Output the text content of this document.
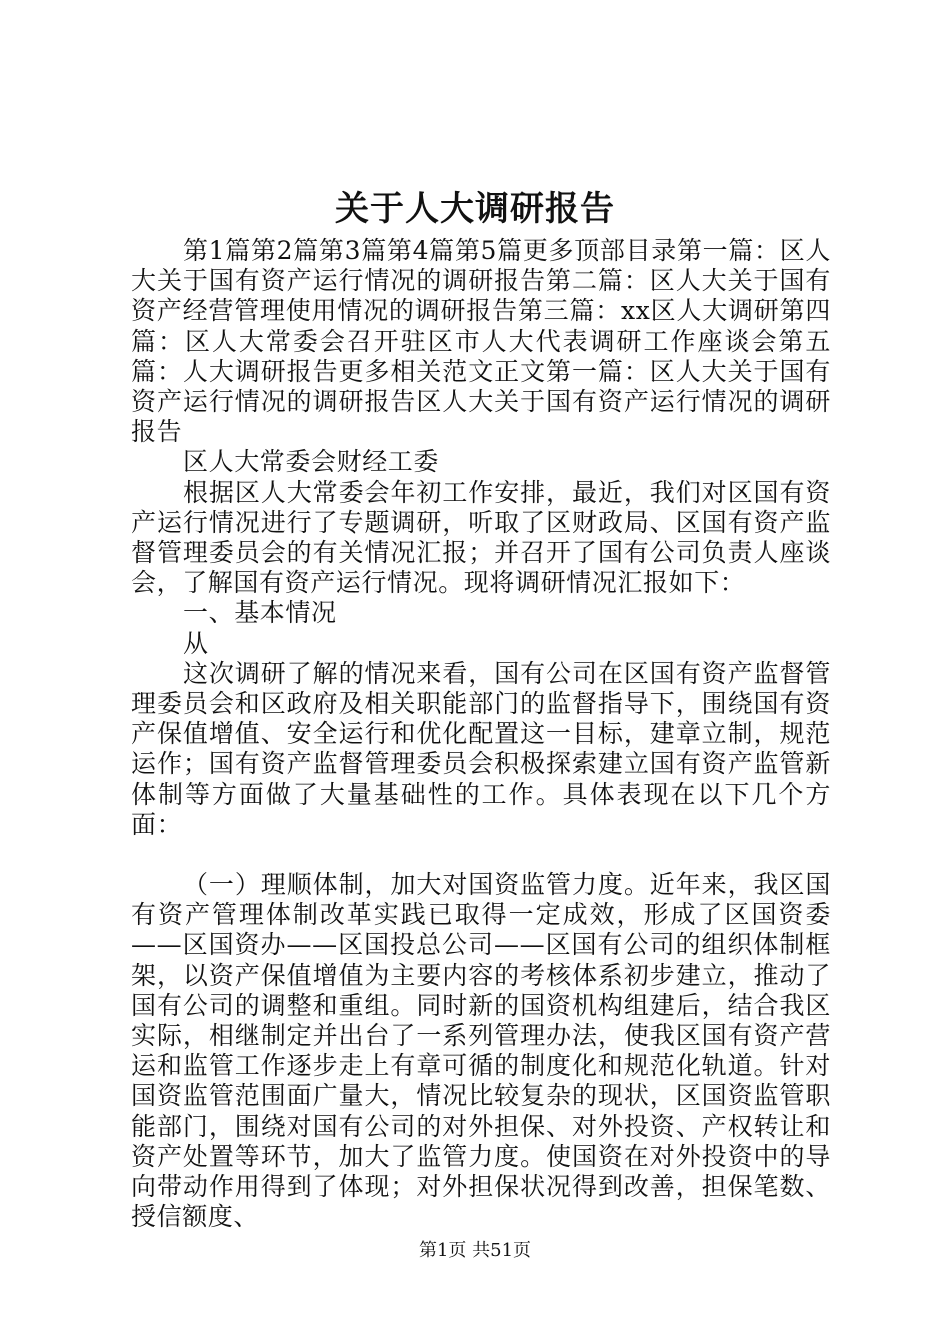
关于人大调研报告

第1篇第2篇第3篇第4篇第5篇更多顶部目录第一篇：区人大关于国有资产运行情况的调研报告第二篇：区人大关于国有资产经营管理使用情况的调研报告第三篇：xx区人大调研第四篇：区人大常委会召开驻区市人大代表调研工作座谈会第五篇：人大调研报告更多相关范文正文第一篇：区人大关于国有资产运行情况的调研报告区人大关于国有资产运行情况的调研报告

区人大常委会财经工委

根据区人大常委会年初工作安排，最近，我们对区国有资产运行情况进行了专题调研，听取了区财政局、区国有资产监督管理委员会的有关情况汇报；并召开了国有公司负责人座谈会，了解国有资产运行情况。现将调研情况汇报如下：

一、基本情况

从

这次调研了解的情况来看，国有公司在区国有资产监督管理委员会和区政府及相关职能部门的监督指导下，围绕国有资产保值增值、安全运行和优化配置这一目标，建章立制，规范运作；国有资产监督管理委员会积极探索建立国有资产监管新体制等方面做了大量基础性的工作。具体表现在以下几个方面：

（一）理顺体制，加大对国资监管力度。近年来，我区国有资产管理体制改革实践已取得一定成效，形成了区国资委——区国资办——区国投总公司——区国有公司的组织体制框架，以资产保值增值为主要内容的考核体系初步建立，推动了国有公司的调整和重组。同时新的国资机构组建后，结合我区实际，相继制定并出台了一系列管理办法，使我区国有资产营运和监管工作逐步走上有章可循的制度化和规范化轨道。针对国资监管范围面广量大，情况比较复杂的现状，区国资监管职能部门，围绕对国有公司的对外担保、对外投资、产权转让和资产处置等环节，加大了监管力度。使国资在对外投资中的导向带动作用得到了体现；对外担保状况得到改善，担保笔数、授信额度、

第1页 共51页
